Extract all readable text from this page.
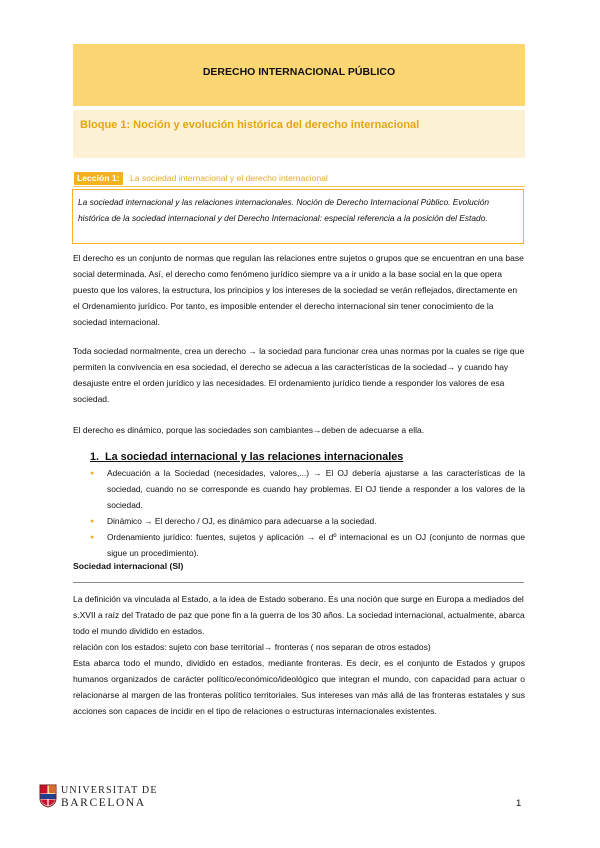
DERECHO INTERNACIONAL PÚBLICO
Bloque 1: Noción y evolución histórica del derecho internacional
Lección 1:	La sociedad internacional y el derecho internacional
La sociedad internacional y las relaciones internacionales. Noción de Derecho Internacional Público. Evolución histórica de la sociedad internacional y del Derecho Internacional: especial referencia a la posición del Estado.
El derecho es un conjunto de normas que regulan las relaciones entre sujetos o grupos que se encuentran en una base social determinada. Así, el derecho como fenómeno jurídico siempre va a ir unido a la base social en la que opera puesto que los valores, la estructura, los principios y los intereses de la sociedad se verán reflejados, directamente en el Ordenamiento jurídico. Por tanto, es imposible entender el derecho internacional sin tener conocimiento de la sociedad internacional.
Toda sociedad normalmente, crea un derecho → la sociedad para funcionar crea unas normas por la cuales se rige que permiten la convivencia en esa sociedad, el derecho se adecua a las características de la sociedad→ y cuando hay desajuste entre el orden jurídico y las necesidades. El ordenamiento jurídico tiende a responder los valores de esa sociedad.
El derecho es dinámico, porque las sociedades son cambiantes→deben de adecuarse a ella.
1. La sociedad internacional y las relaciones internacionales
● Adecuación a la Sociedad (necesidades, valores,...) → El OJ debería ajustarse a las características de la sociedad, cuando no se corresponde es cuando hay problemas. El OJ tiende a responder a los valores de la sociedad.
● Dinámico → El derecho / OJ, es dinámico para adecuarse a la sociedad.
● Ordenamiento jurídico: fuentes, sujetos y aplicación → el dº internacional es un OJ (conjunto de normas que sigue un procedimiento).
Sociedad internacional (SI)
La definición va vinculada al Estado, a la idea de Estado soberano. Es una noción que surge en Europa a mediados del s.XVII a raíz del Tratado de paz que pone fin a la guerra de los 30 años. La sociedad internacional, actualmente, abarca todo el mundo dividido en estados.
relación con los estados: sujeto con base territorial→ fronteras ( nos separan de otros estados)
Esta abarca todo el mundo, dividido en estados, mediante fronteras. Es decir, es el conjunto de Estados y grupos humanos organizados de carácter político/económico/ideológico que integran el mundo, con capacidad para actuar o relacionarse al margen de las fronteras político territoriales. Sus intereses van más allá de las fronteras estatales y sus acciones son capaces de incidir en el tipo de relaciones o estructuras internacionales existentes.
UNIVERSITAT DE
BARCELONA	1
